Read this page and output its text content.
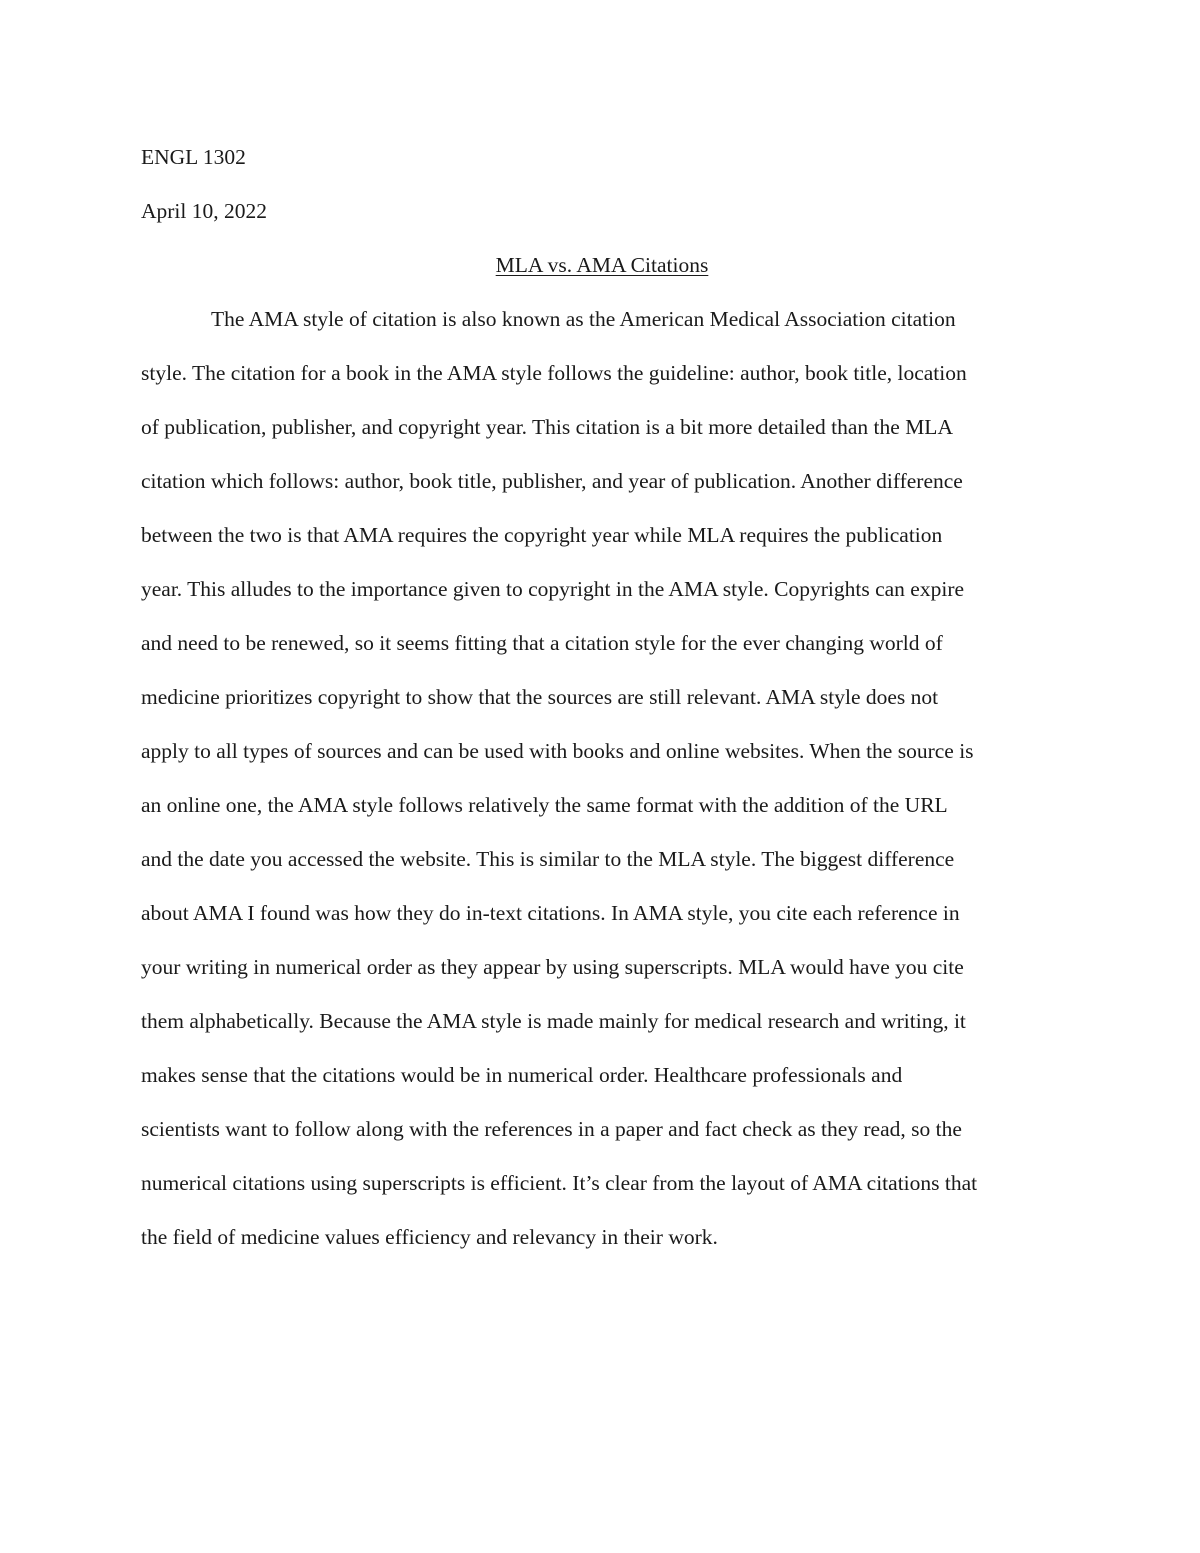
ENGL 1302

April 10, 2022

MLA vs. AMA Citations

The AMA style of citation is also known as the American Medical Association citation

style. The citation for a book in the AMA style follows the guideline: author, book title, location

of publication, publisher, and copyright year. This citation is a bit more detailed than the MLA

citation which follows: author, book title, publisher, and year of publication. Another difference

between the two is that AMA requires the copyright year while MLA requires the publication

year. This alludes to the importance given to copyright in the AMA style. Copyrights can expire

and need to be renewed, so it seems fitting that a citation style for the ever changing world of

medicine prioritizes copyright to show that the sources are still relevant. AMA style does not

apply to all types of sources and can be used with books and online websites. When the source is

an online one, the AMA style follows relatively the same format with the addition of the URL

and the date you accessed the website. This is similar to the MLA style. The biggest difference

about AMA I found was how they do in-text citations. In AMA style, you cite each reference in

your writing in numerical order as they appear by using superscripts. MLA would have you cite

them alphabetically. Because the AMA style is made mainly for medical research and writing, it

makes sense that the citations would be in numerical order. Healthcare professionals and

scientists want to follow along with the references in a paper and fact check as they read, so the

numerical citations using superscripts is efficient. It’s clear from the layout of AMA citations that

the field of medicine values efficiency and relevancy in their work.
